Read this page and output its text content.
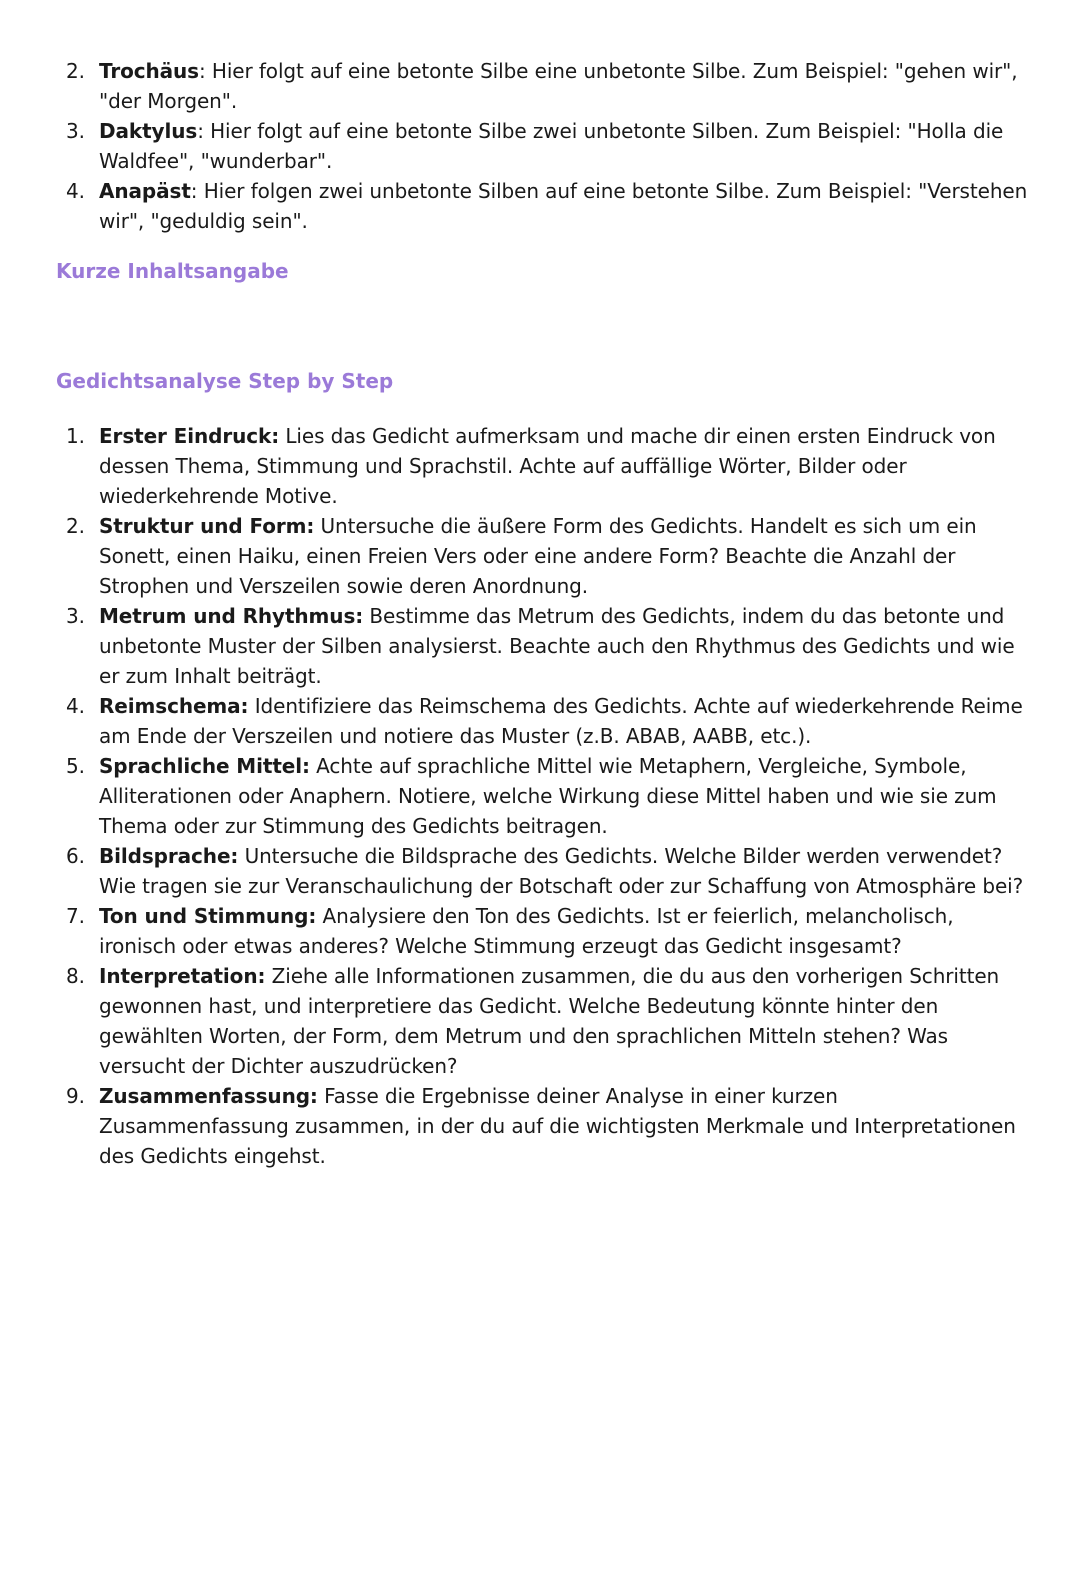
2. Trochäus: Hier folgt auf eine betonte Silbe eine unbetonte Silbe. Zum Beispiel: "gehen wir", "der Morgen".
3. Daktylus: Hier folgt auf eine betonte Silbe zwei unbetonte Silben. Zum Beispiel: "Holla die Waldfee", "wunderbar".
4. Anapäst: Hier folgen zwei unbetonte Silben auf eine betonte Silbe. Zum Beispiel: "Verstehen wir", "geduldig sein".
Kurze Inhaltsangabe
Gedichtsanalyse Step by Step
1. Erster Eindruck: Lies das Gedicht aufmerksam und mache dir einen ersten Eindruck von dessen Thema, Stimmung und Sprachstil. Achte auf auffällige Wörter, Bilder oder wiederkehrende Motive.
2. Struktur und Form: Untersuche die äußere Form des Gedichts. Handelt es sich um ein Sonett, einen Haiku, einen Freien Vers oder eine andere Form? Beachte die Anzahl der Strophen und Verszeilen sowie deren Anordnung.
3. Metrum und Rhythmus: Bestimme das Metrum des Gedichts, indem du das betonte und unbetonte Muster der Silben analysierst. Beachte auch den Rhythmus des Gedichts und wie er zum Inhalt beiträgt.
4. Reimschema: Identifiziere das Reimschema des Gedichts. Achte auf wiederkehrende Reime am Ende der Verszeilen und notiere das Muster (z.B. ABAB, AABB, etc.).
5. Sprachliche Mittel: Achte auf sprachliche Mittel wie Metaphern, Vergleiche, Symbole, Alliterationen oder Anaphern. Notiere, welche Wirkung diese Mittel haben und wie sie zum Thema oder zur Stimmung des Gedichts beitragen.
6. Bildsprache: Untersuche die Bildsprache des Gedichts. Welche Bilder werden verwendet? Wie tragen sie zur Veranschaulichung der Botschaft oder zur Schaffung von Atmosphäre bei?
7. Ton und Stimmung: Analysiere den Ton des Gedichts. Ist er feierlich, melancholisch, ironisch oder etwas anderes? Welche Stimmung erzeugt das Gedicht insgesamt?
8. Interpretation: Ziehe alle Informationen zusammen, die du aus den vorherigen Schritten gewonnen hast, und interpretiere das Gedicht. Welche Bedeutung könnte hinter den gewählten Worten, der Form, dem Metrum und den sprachlichen Mitteln stehen? Was versucht der Dichter auszudrücken?
9. Zusammenfassung: Fasse die Ergebnisse deiner Analyse in einer kurzen Zusammenfassung zusammen, in der du auf die wichtigsten Merkmale und Interpretationen des Gedichts eingehst.
